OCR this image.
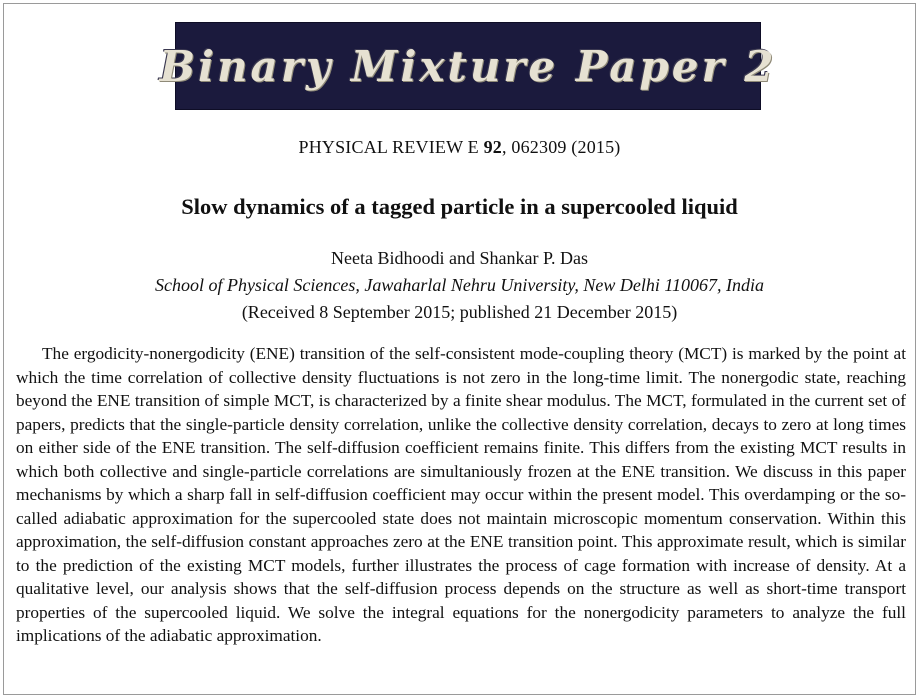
Binary Mixture Paper 2
PHYSICAL REVIEW E 92, 062309 (2015)
Slow dynamics of a tagged particle in a supercooled liquid
Neeta Bidhoodi and Shankar P. Das
School of Physical Sciences, Jawaharlal Nehru University, New Delhi 110067, India
(Received 8 September 2015; published 21 December 2015)

The ergodicity-nonergodicity (ENE) transition of the self-consistent mode-coupling theory (MCT) is marked by the point at which the time correlation of collective density fluctuations is not zero in the long-time limit. The nonergodic state, reaching beyond the ENE transition of simple MCT, is characterized by a finite shear modulus. The MCT, formulated in the current set of papers, predicts that the single-particle density correlation, unlike the collective density correlation, decays to zero at long times on either side of the ENE transition. The self-diffusion coefficient remains finite. This differs from the existing MCT results in which both collective and single-particle correlations are simultaniously frozen at the ENE transition. We discuss in this paper mechanisms by which a sharp fall in self-diffusion coefficient may occur within the present model. This overdamping or the so-called adiabatic approximation for the supercooled state does not maintain microscopic momentum conservation. Within this approximation, the self-diffusion constant approaches zero at the ENE transition point. This approximate result, which is similar to the prediction of the existing MCT models, further illustrates the process of cage formation with increase of density. At a qualitative level, our analysis shows that the self-diffusion process depends on the structure as well as short-time transport properties of the supercooled liquid. We solve the integral equations for the nonergodicity parameters to analyze the full implications of the adiabatic approximation.
